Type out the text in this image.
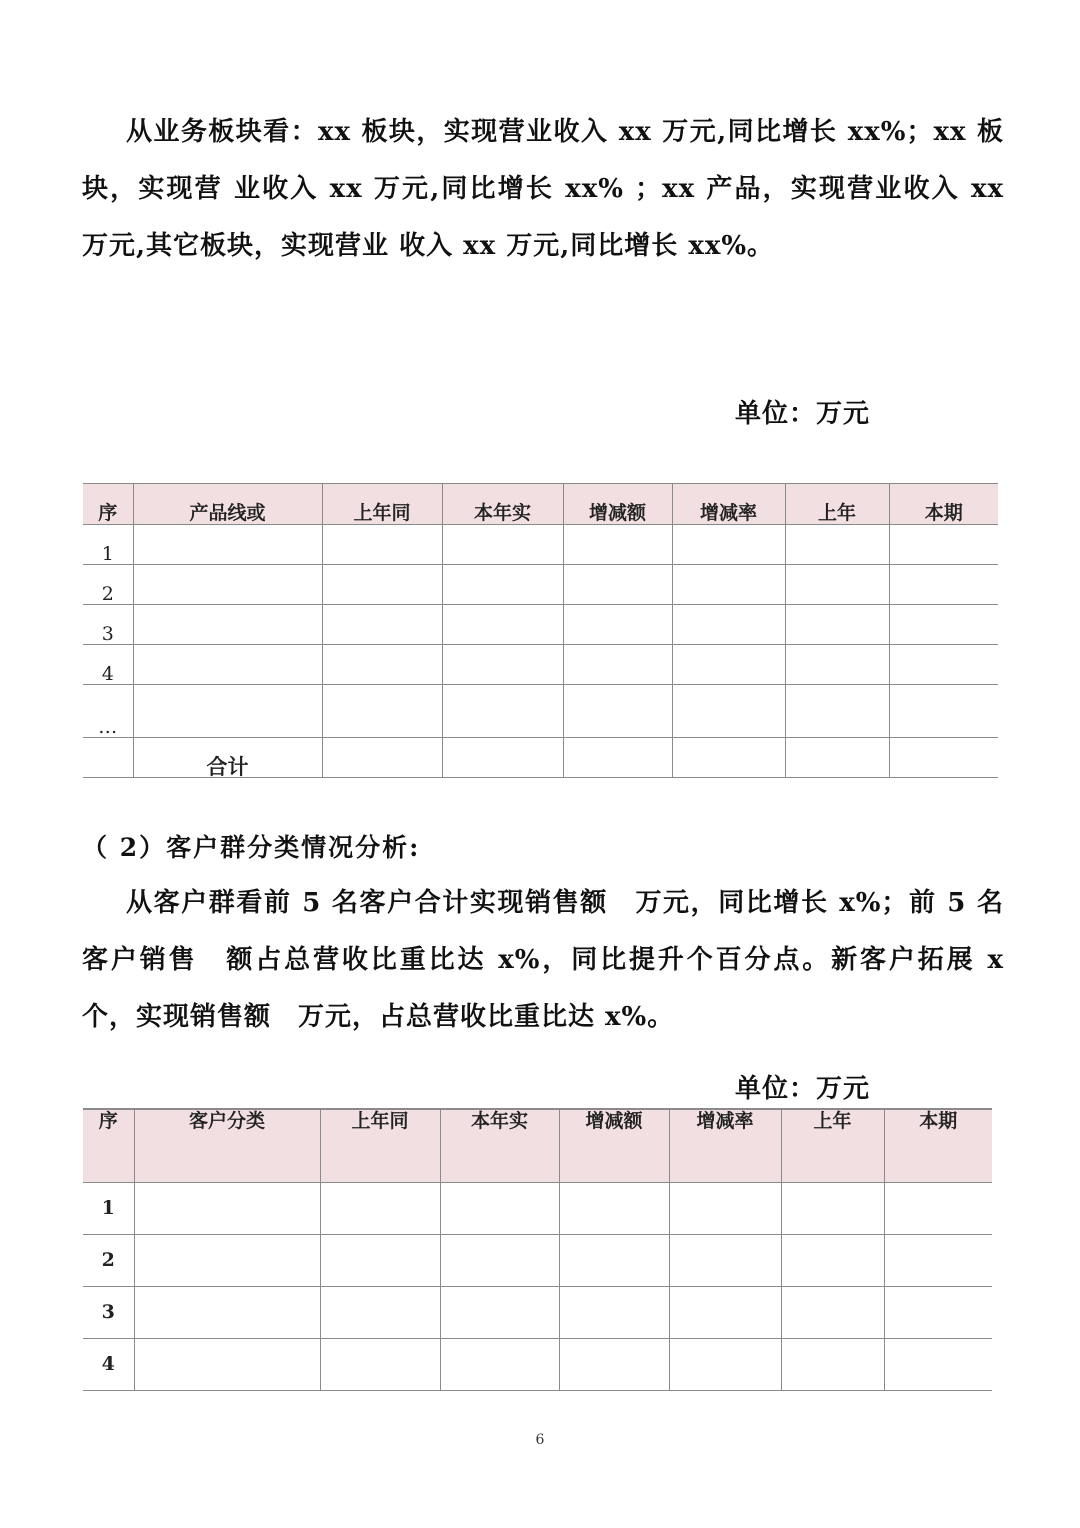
从业务板块看：xx 板块，实现营业收入 xx 万元,同比增长 xx%；xx 板块，实现营 业收入 xx 万元,同比增长 xx% ；xx 产品，实现营业收入 xx 万元,其它板块，实现营业 收入 xx 万元,同比增长 xx%。

单位：万元
序	产品线或	上年同	本年实	增减额	增减率	上年	本期
1							
2							
3							
4							
…							
	合计						

（ 2）客户群分类情况分析:

从客户群看前 5 名客户合计实现销售额　万元，同比增长 x%；前 5 名客户销售　额占总营收比重比达 x%，同比提升个百分点。新客户拓展 x 个，实现销售额　万元，占总营收比重比达 x%。

单位：万元
序	客户分类	上年同	本年实	增减额	增减率	上年	本期
1							
2							
3							
4							
6
